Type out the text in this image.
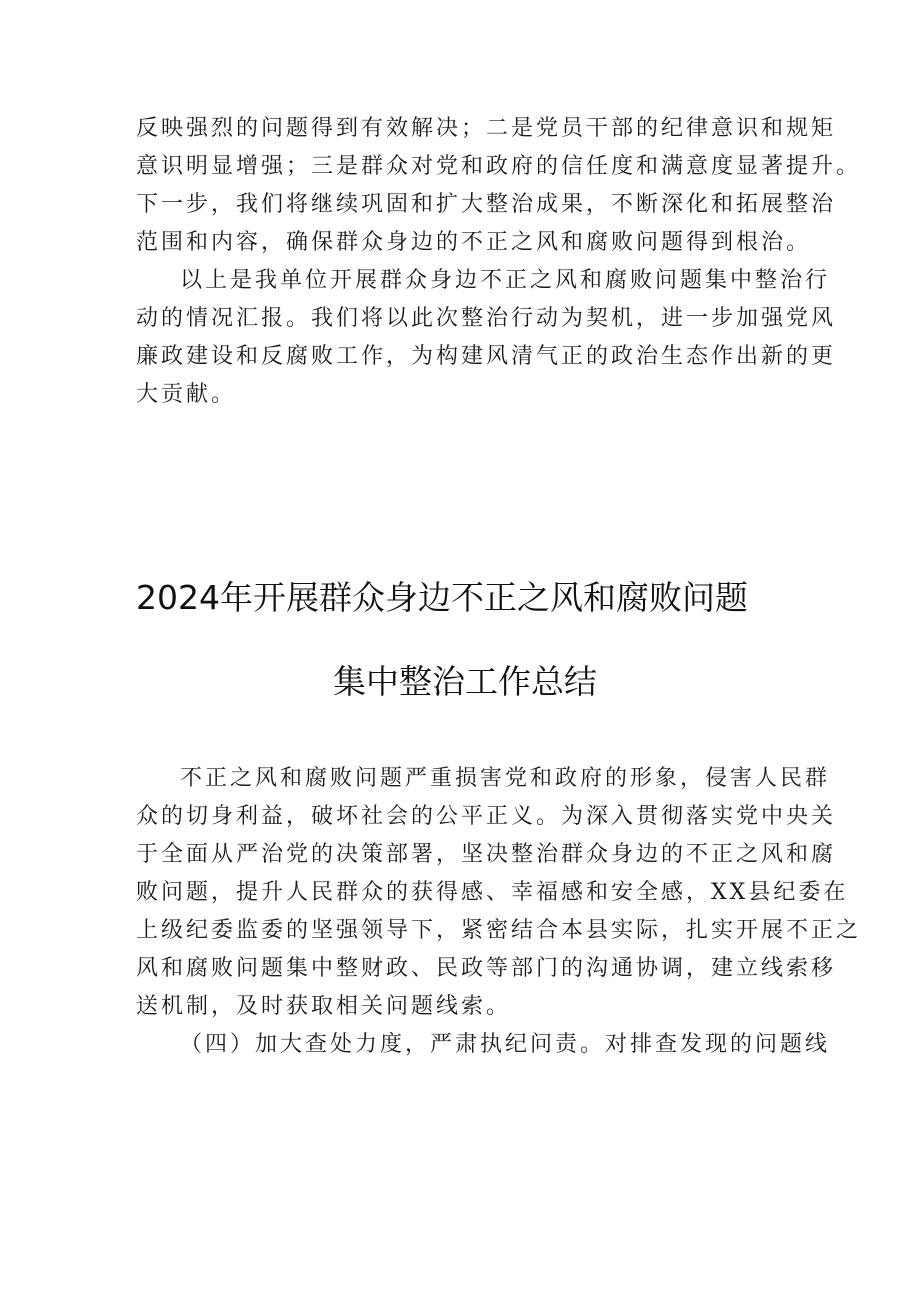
反映强烈的问题得到有效解决；二是党员干部的纪律意识和规矩
意识明显增强；三是群众对党和政府的信任度和满意度显著提升。
下一步，我们将继续巩固和扩大整治成果，不断深化和拓展整治
范围和内容，确保群众身边的不正之风和腐败问题得到根治。
以上是我单位开展群众身边不正之风和腐败问题集中整治行
动的情况汇报。我们将以此次整治行动为契机，进一步加强党风
廉政建设和反腐败工作，为构建风清气正的政治生态作出新的更
大贡献。
2024年开展群众身边不正之风和腐败问题
集中整治工作总结
不正之风和腐败问题严重损害党和政府的形象，侵害人民群
众的切身利益，破坏社会的公平正义。为深入贯彻落实党中央关
于全面从严治党的决策部署，坚决整治群众身边的不正之风和腐
败问题，提升人民群众的获得感、幸福感和安全感，XX县纪委在
上级纪委监委的坚强领导下，紧密结合本县实际，扎实开展不正之
风和腐败问题集中整财政、民政等部门的沟通协调，建立线索移
送机制，及时获取相关问题线索。
（四）加大查处力度，严肃执纪问责。对排查发现的问题线
